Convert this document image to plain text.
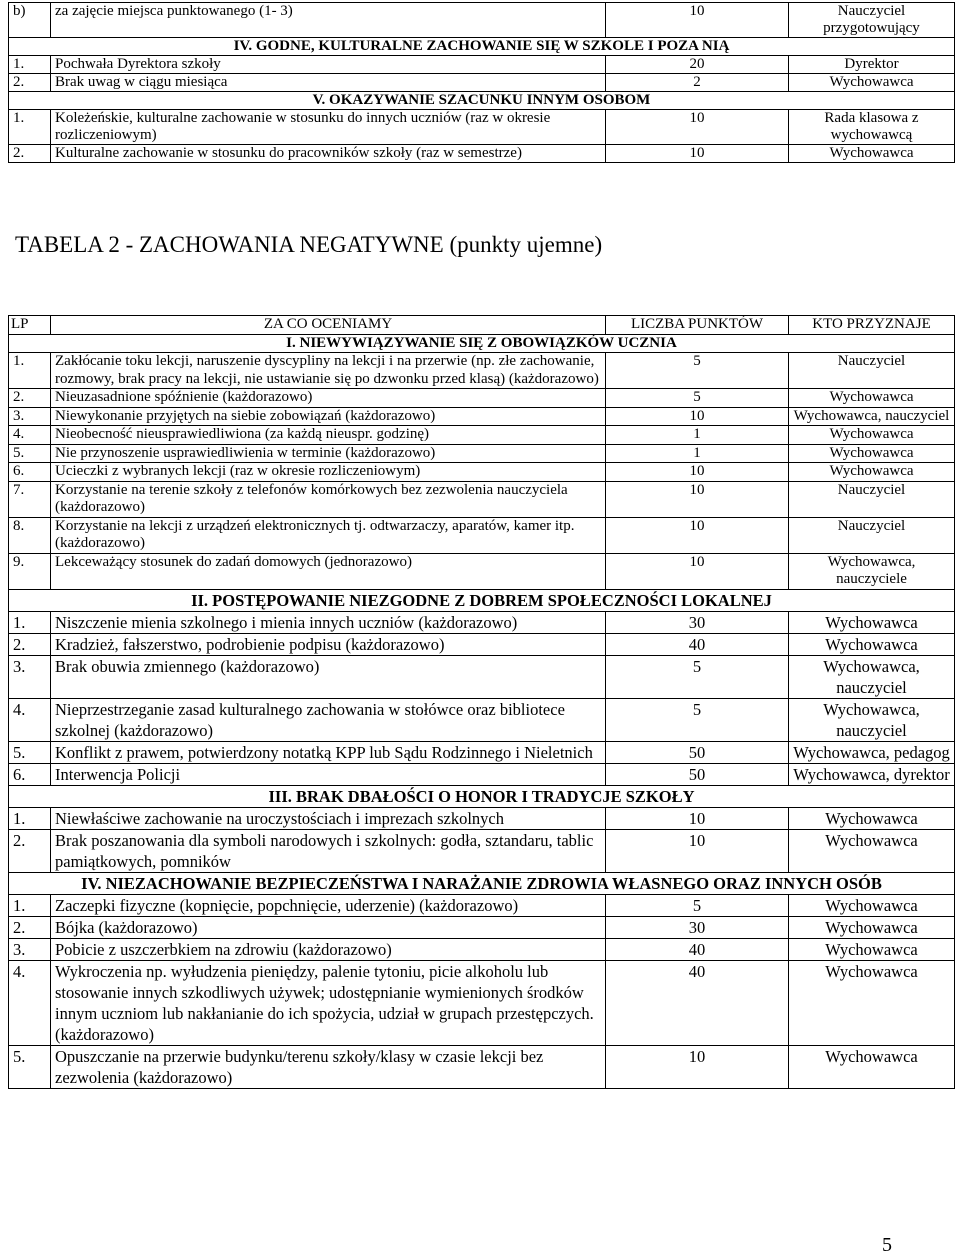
b)	za zajęcie miejsca punktowanego (1- 3)	10	Nauczyciel przygotowujący
IV. GODNE, KULTURALNE ZACHOWANIE SIĘ W SZKOLE I POZA NIĄ			
1.	Pochwała Dyrektora szkoły	20	Dyrektor
2.	Brak uwag w ciągu miesiąca	2	Wychowawca
V. OKAZYWANIE SZACUNKU INNYM OSOBOM			
1.	Koleżeńskie, kulturalne zachowanie w stosunku do innych uczniów (raz w okresie rozliczeniowym)	10	Rada klasowa z wychowawcą
2.	Kulturalne zachowanie w stosunku do pracowników szkoły (raz w semestrze)	10	Wychowawca
TABELA 2 - ZACHOWANIA NEGATYWNE (punkty ujemne)
LP	ZA CO OCENIAMY	LICZBA PUNKTÓW	KTO PRZYZNAJE
I. NIEWYWIĄZYWANIE SIĘ Z OBOWIĄZKÓW UCZNIA			
1.	Zakłócanie toku lekcji, naruszenie dyscypliny na lekcji i na przerwie (np. złe zachowanie, rozmowy, brak pracy na lekcji, nie ustawianie się po dzwonku przed klasą) (każdorazowo)	5	Nauczyciel
2.	Nieuzasadnione spóźnienie (każdorazowo)	5	Wychowawca
3.	Niewykonanie przyjętych na siebie zobowiązań (każdorazowo)	10	Wychowawca, nauczyciel
4.	Nieobecność nieusprawiedliwiona (za każdą nieuspr. godzinę)	1	Wychowawca
5.	Nie przynoszenie usprawiedliwienia w terminie (każdorazowo)	1	Wychowawca
6.	Ucieczki z wybranych lekcji (raz w okresie rozliczeniowym)	10	Wychowawca
7.	Korzystanie na terenie szkoły z telefonów komórkowych bez zezwolenia nauczyciela (każdorazowo)	10	Nauczyciel
8.	Korzystanie na lekcji z urządzeń elektronicznych tj. odtwarzaczy, aparatów, kamer itp. (każdorazowo)	10	Nauczyciel
9.	Lekceważący stosunek do zadań domowych (jednorazowo)	10	Wychowawca, nauczyciele
II. POSTĘPOWANIE NIEZGODNE Z DOBREM SPOŁECZNOŚCI LOKALNEJ			
1.	Niszczenie mienia szkolnego i mienia innych uczniów (każdorazowo)	30	Wychowawca
2.	Kradzież, fałszerstwo, podrobienie podpisu (każdorazowo)	40	Wychowawca
3.	Brak obuwia zmiennego (każdorazowo)	5	Wychowawca, nauczyciel
4.	Nieprzestrzeganie zasad kulturalnego zachowania w stołówce oraz bibliotece szkolnej (każdorazowo)	5	Wychowawca, nauczyciel
5.	Konflikt z prawem, potwierdzony notatką KPP lub Sądu Rodzinnego i Nieletnich	50	Wychowawca, pedagog
6.	Interwencja Policji	50	Wychowawca, dyrektor
III. BRAK DBAŁOŚCI O HONOR I TRADYCJE SZKOŁY			
1.	Niewłaściwe zachowanie na uroczystościach i imprezach szkolnych	10	Wychowawca
2.	Brak poszanowania dla symboli narodowych i szkolnych: godła, sztandaru, tablic pamiątkowych, pomników	10	Wychowawca
IV. NIEZACHOWANIE BEZPIECZEŃSTWA I NARAŻANIE ZDROWIA WŁASNEGO ORAZ INNYCH OSÓB			
1.	Zaczepki fizyczne (kopnięcie, popchnięcie, uderzenie) (każdorazowo)	5	Wychowawca
2.	Bójka (każdorazowo)	30	Wychowawca
3.	Pobicie z uszczerbkiem na zdrowiu (każdorazowo)	40	Wychowawca
4.	Wykroczenia np. wyłudzenia pieniędzy, palenie tytoniu, picie alkoholu lub stosowanie innych szkodliwych używek; udostępnianie wymienionych środków innym uczniom lub nakłanianie do ich spożycia, udział w grupach przestępczych. (każdorazowo)	40	Wychowawca
5.	Opuszczanie na przerwie budynku/terenu szkoły/klasy w czasie lekcji bez zezwolenia (każdorazowo)	10	Wychowawca
5
